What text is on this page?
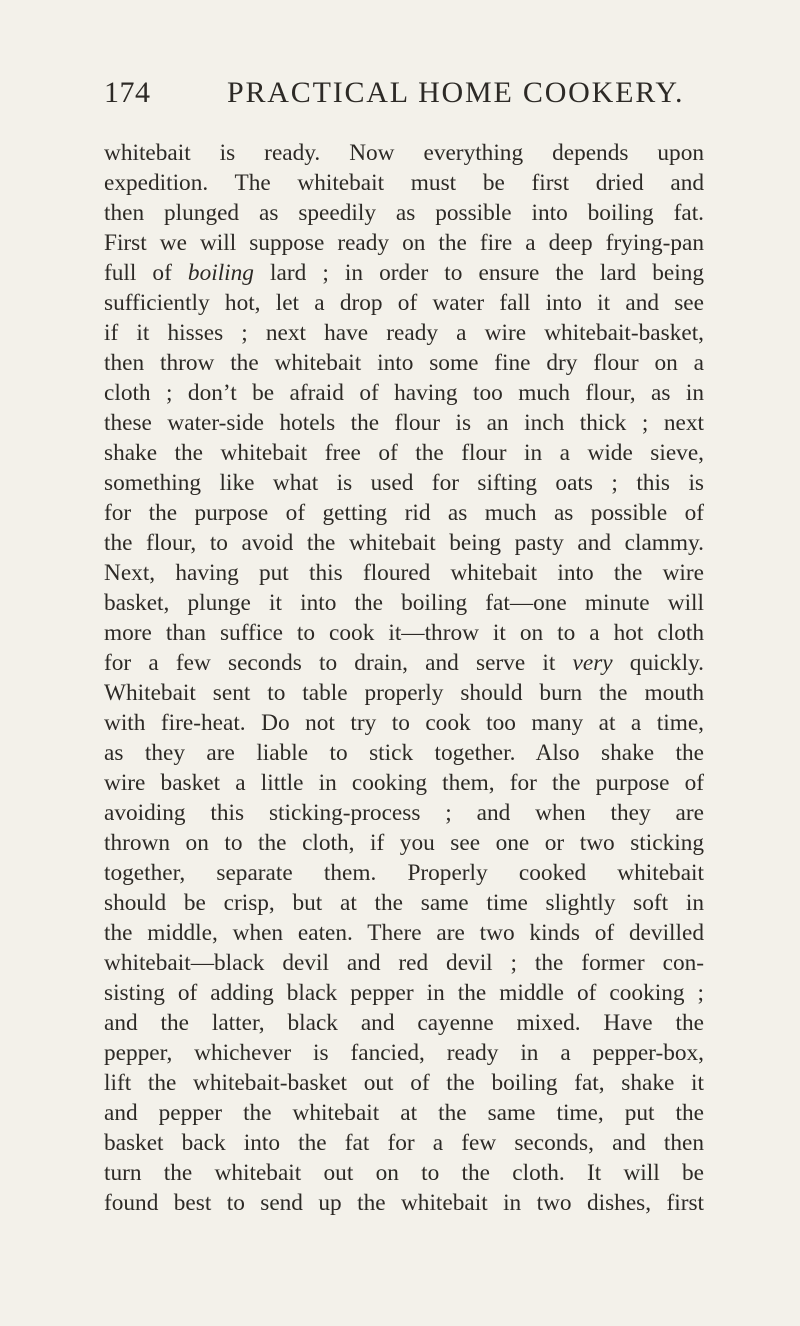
174	PRACTICAL HOME COOKERY.
whitebait is ready. Now everything depends upon
expedition. The whitebait must be first dried and
then plunged as speedily as possible into boiling fat.
First we will suppose ready on the fire a deep frying-pan
full of boiling lard ; in order to ensure the lard being
sufficiently hot, let a drop of water fall into it and see
if it hisses ; next have ready a wire whitebait-basket,
then throw the whitebait into some fine dry flour on a
cloth ; don’t be afraid of having too much flour, as in
these water-side hotels the flour is an inch thick ; next
shake the whitebait free of the flour in a wide sieve,
something like what is used for sifting oats ; this is
for the purpose of getting rid as much as possible of
the flour, to avoid the whitebait being pasty and clammy.
Next, having put this floured whitebait into the wire
basket, plunge it into the boiling fat—one minute will
more than suffice to cook it—throw it on to a hot cloth
for a few seconds to drain, and serve it very quickly.
Whitebait sent to table properly should burn the mouth
with fire-heat. Do not try to cook too many at a time,
as they are liable to stick together. Also shake the
wire basket a little in cooking them, for the purpose of
avoiding this sticking-process ; and when they are
thrown on to the cloth, if you see one or two sticking
together, separate them. Properly cooked whitebait
should be crisp, but at the same time slightly soft in
the middle, when eaten. There are two kinds of devilled
whitebait—black devil and red devil ; the former con-
sisting of adding black pepper in the middle of cooking ;
and the latter, black and cayenne mixed. Have the
pepper, whichever is fancied, ready in a pepper-box,
lift the whitebait-basket out of the boiling fat, shake it
and pepper the whitebait at the same time, put the
basket back into the fat for a few seconds, and then
turn the whitebait out on to the cloth. It will be
found best to send up the whitebait in two dishes, first
